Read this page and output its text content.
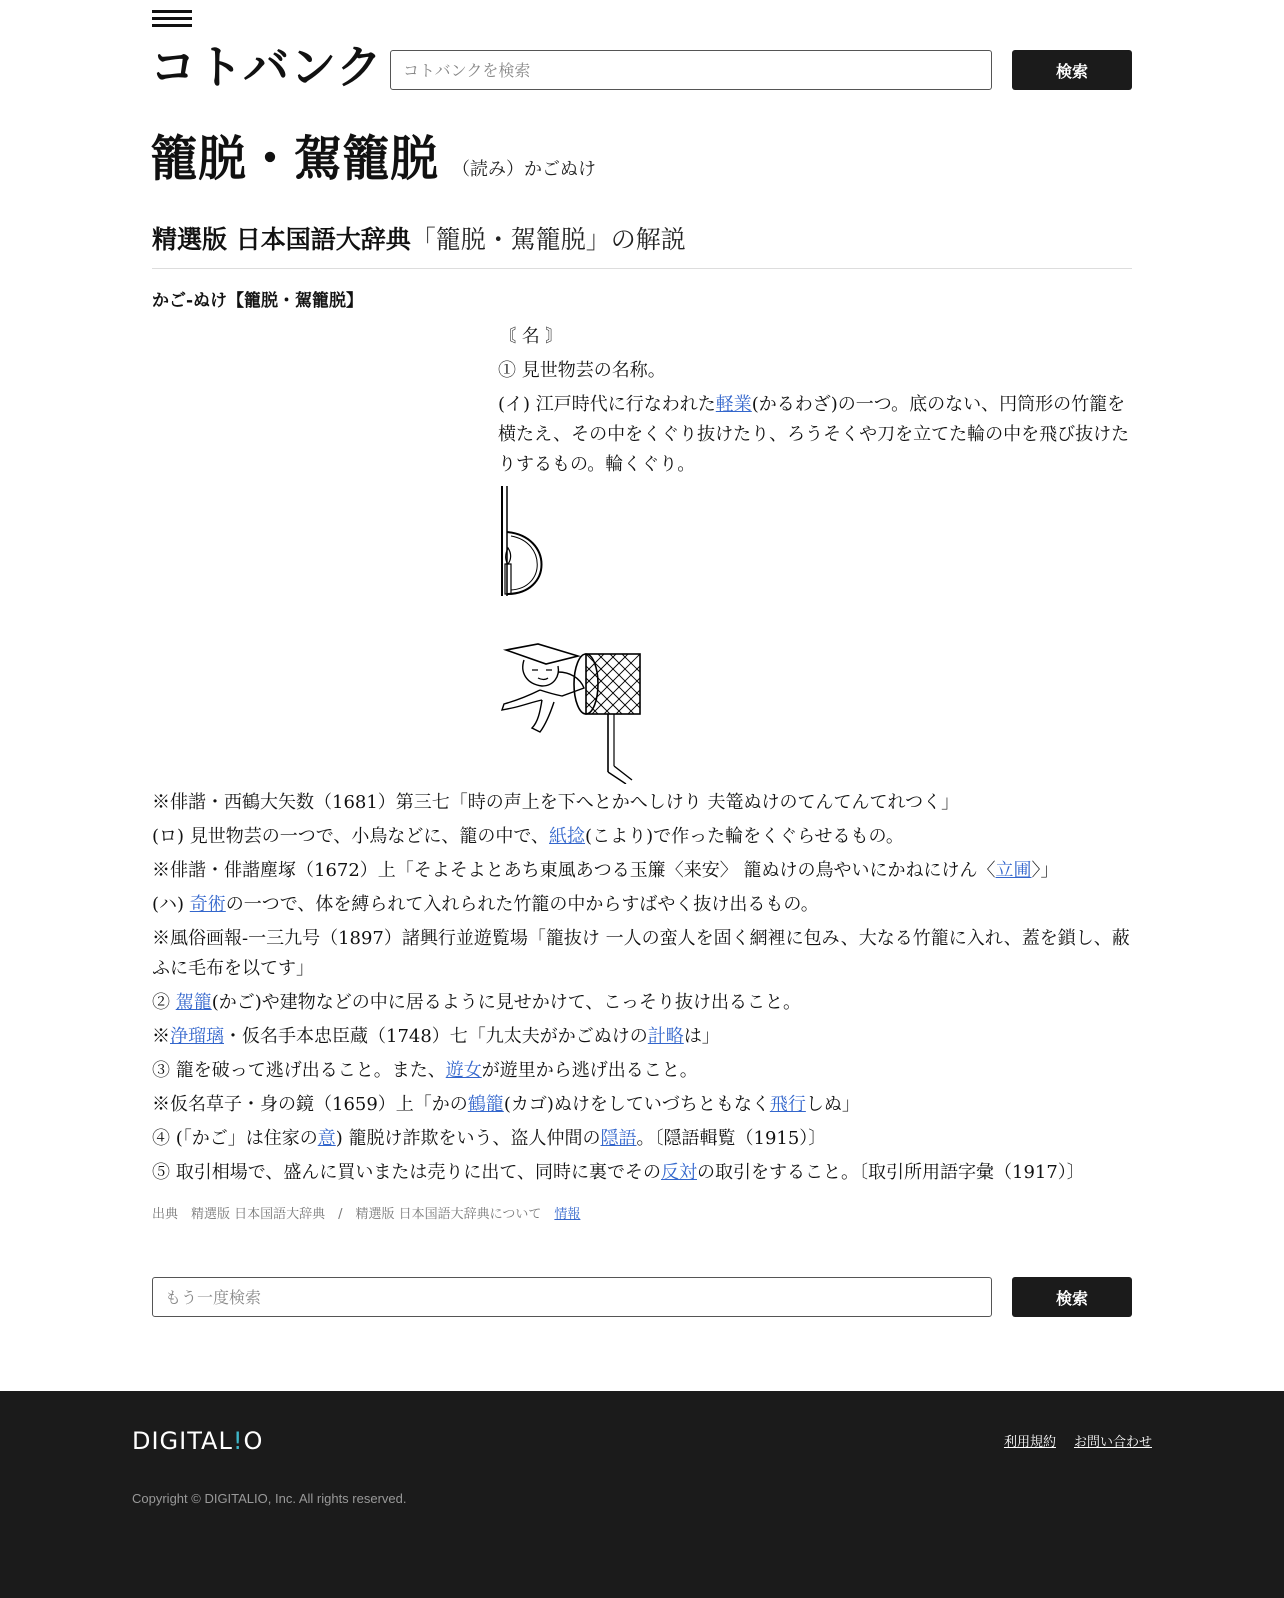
コトバンク
コトバンクを検索	検索
籠脱・駕籠脱 （読み）かごぬけ
精選版 日本国語大辞典「籠脱・駕籠脱」の解説
かご‐ぬけ【籠脱・駕籠脱】

〘 名 〙

① 見世物芸の名称。

(イ) 江戸時代に行なわれた軽業(かるわざ)の一つ。底のない、円筒形の竹籠を横たえ、その中をくぐり抜けたり、ろうそくや刀を立てた輪の中を飛び抜けたりするもの。輪くぐり。

※俳諧・西鶴大矢数（1681）第三七「時の声上を下へとかへしけり 夫篭ぬけのてんてんてれつく」

(ロ) 見世物芸の一つで、小鳥などに、籠の中で、紙捻(こより)で作った輪をくぐらせるもの。

※俳諧・俳諧塵塚（1672）上「そよそよとあち東風あつる玉簾〈来安〉 籠ぬけの鳥やいにかねにけん〈立圃〉」

(ハ) 奇術の一つで、体を縛られて入れられた竹籠の中からすばやく抜け出るもの。

※風俗画報‐一三九号（1897）諸興行並遊覧場「籠抜け 一人の蛮人を固く網裡に包み、大なる竹籠に入れ、蓋を鎖し、蔽ふに毛布を以てす」

② 駕籠(かご)や建物などの中に居るように見せかけて、こっそり抜け出ること。

※浄瑠璃・仮名手本忠臣蔵（1748）七「九太夫がかごぬけの計略は」

③ 籠を破って逃げ出ること。また、遊女が遊里から逃げ出ること。

※仮名草子・身の鏡（1659）上「かの鶴籠(カゴ)ぬけをしていづちともなく飛行しぬ」

④ (「かご」は住家の意) 籠脱け詐欺をいう、盗人仲間の隠語。〔隠語輯覧（1915）〕

⑤ 取引相場で、盛んに買いまたは売りに出て、同時に裏でその反対の取引をすること。〔取引所用語字彙（1917）〕

出典　精選版 日本国語大辞典　/　精選版 日本国語大辞典について　情報
もう一度検索
検索
DIGITAL!O	利用規約 お問い合わせ
Copyright © DIGITALIO, Inc. All rights reserved.
